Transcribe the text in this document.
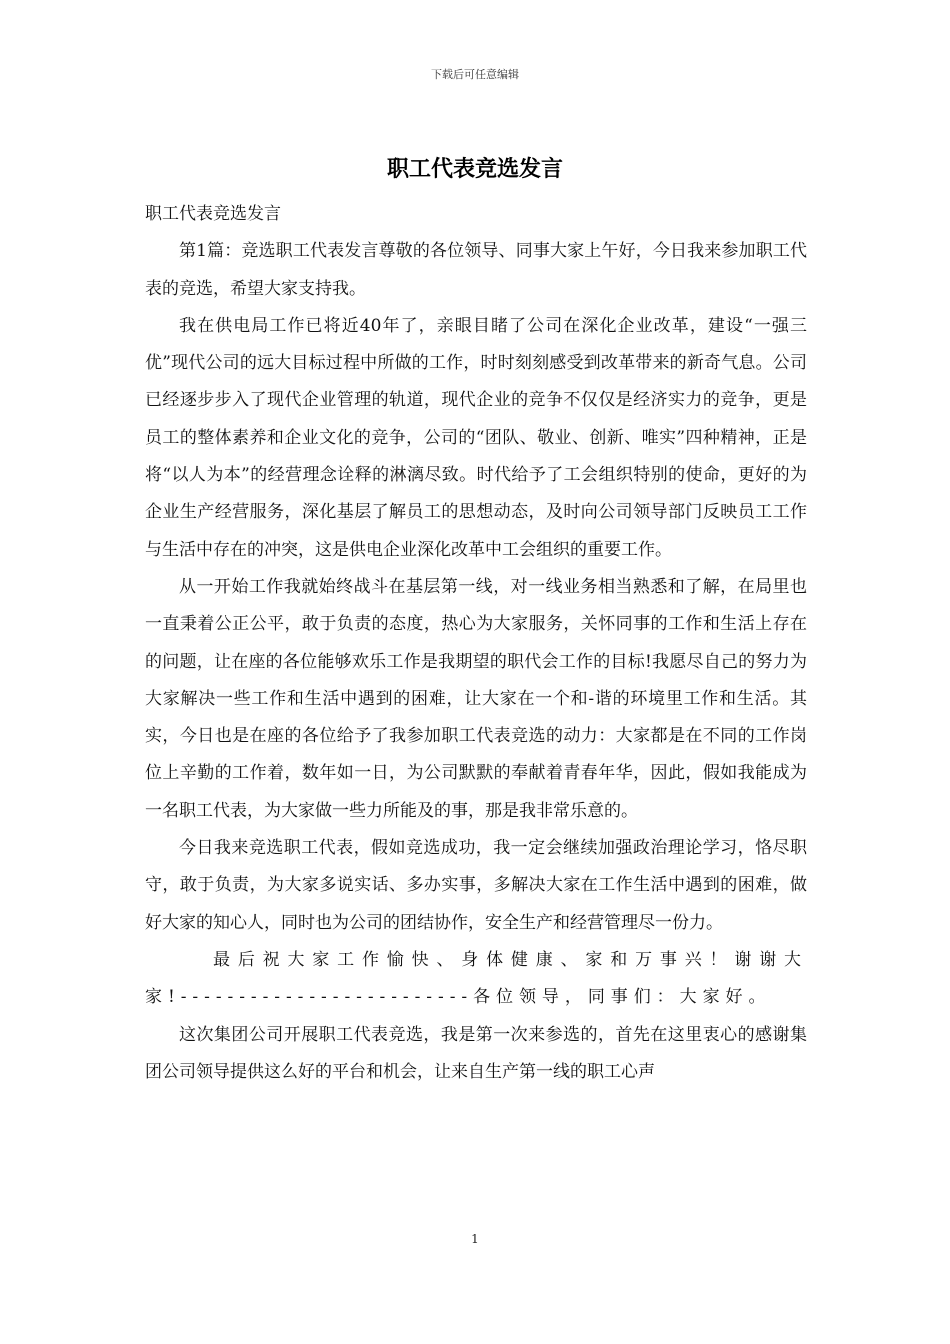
下载后可任意编辑
职工代表竞选发言

职工代表竞选发言

第1篇：竞选职工代表发言尊敬的各位领导、同事大家上午好，今日我来参加职工代表的竞选，希望大家支持我。

我在供电局工作已将近40年了，亲眼目睹了公司在深化企业改革，建设“一强三优”现代公司的远大目标过程中所做的工作，时时刻刻感受到改革带来的新奇气息。公司已经逐步步入了现代企业管理的轨道，现代企业的竞争不仅仅是经济实力的竞争，更是员工的整体素养和企业文化的竞争，公司的“团队、敬业、创新、唯实”四种精神，正是将“以人为本”的经营理念诠释的淋漓尽致。时代给予了工会组织特别的使命，更好的为企业生产经营服务，深化基层了解员工的思想动态，及时向公司领导部门反映员工工作与生活中存在的冲突，这是供电企业深化改革中工会组织的重要工作。

从一开始工作我就始终战斗在基层第一线，对一线业务相当熟悉和了解，在局里也一直秉着公正公平，敢于负责的态度，热心为大家服务，关怀同事的工作和生活上存在的问题，让在座的各位能够欢乐工作是我期望的职代会工作的目标!我愿尽自己的努力为大家解决一些工作和生活中遇到的困难，让大家在一个和-谐的环境里工作和生活。其实，今日也是在座的各位给予了我参加职工代表竞选的动力：大家都是在不同的工作岗位上辛勤的工作着，数年如一日，为公司默默的奉献着青春年华，因此，假如我能成为一名职工代表，为大家做一些力所能及的事，那是我非常乐意的。

今日我来竞选职工代表，假如竞选成功，我一定会继续加强政治理论学习，恪尽职守，敢于负责，为大家多说实话、多办实事，多解决大家在工作生活中遇到的困难，做好大家的知心人，同时也为公司的团结协作，安全生产和经营管理尽一份力。

最后祝大家工作愉快、身体健康、家和万事兴！谢谢大家!-------------------------各位领导，同事们：大家好。

这次集团公司开展职工代表竞选，我是第一次来参选的，首先在这里衷心的感谢集团公司领导提供这么好的平台和机会，让来自生产第一线的职工心声

1
